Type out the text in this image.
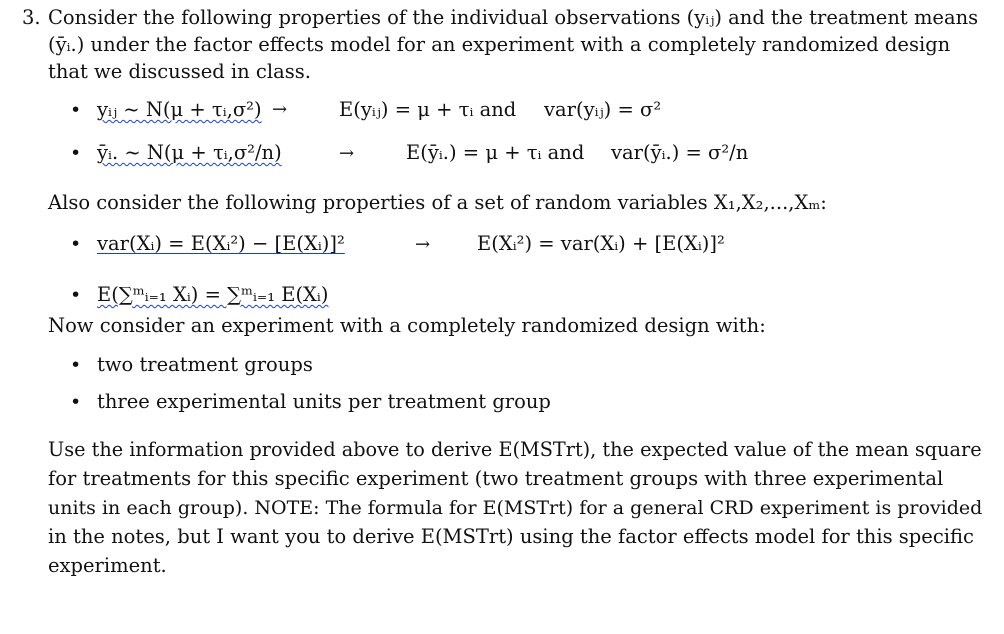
3. Consider the following properties of the individual observations (yᵢⱼ) and the treatment means
(ȳᵢ.) under the factor effects model for an experiment with a completely randomized design
that we discussed in class.
• yᵢⱼ ~ N(μ + τᵢ,σ²) →	E(yᵢⱼ) = μ + τᵢ and var(yᵢⱼ) = σ²
• ȳᵢ. ~ N(μ + τᵢ,σ²/n)	→	E(ȳᵢ.) = μ + τᵢ and var(ȳᵢ.) = σ²/n
Also consider the following properties of a set of random variables X₁,X₂,...,Xₘ:
• var(Xᵢ) = E(Xᵢ²) − [E(Xᵢ)]²	→ E(Xᵢ²) = var(Xᵢ) + [E(Xᵢ)]²
• E(∑ᵐᵢ₌₁ Xᵢ) = ∑ᵐᵢ₌₁ E(Xᵢ)
Now consider an experiment with a completely randomized design with:
• two treatment groups
• three experimental units per treatment group
Use the information provided above to derive E(MSTrt), the expected value of the mean square
for treatments for this specific experiment (two treatment groups with three experimental
units in each group). NOTE: The formula for E(MSTrt) for a general CRD experiment is provided
in the notes, but I want you to derive E(MSTrt) using the factor effects model for this specific
experiment.
